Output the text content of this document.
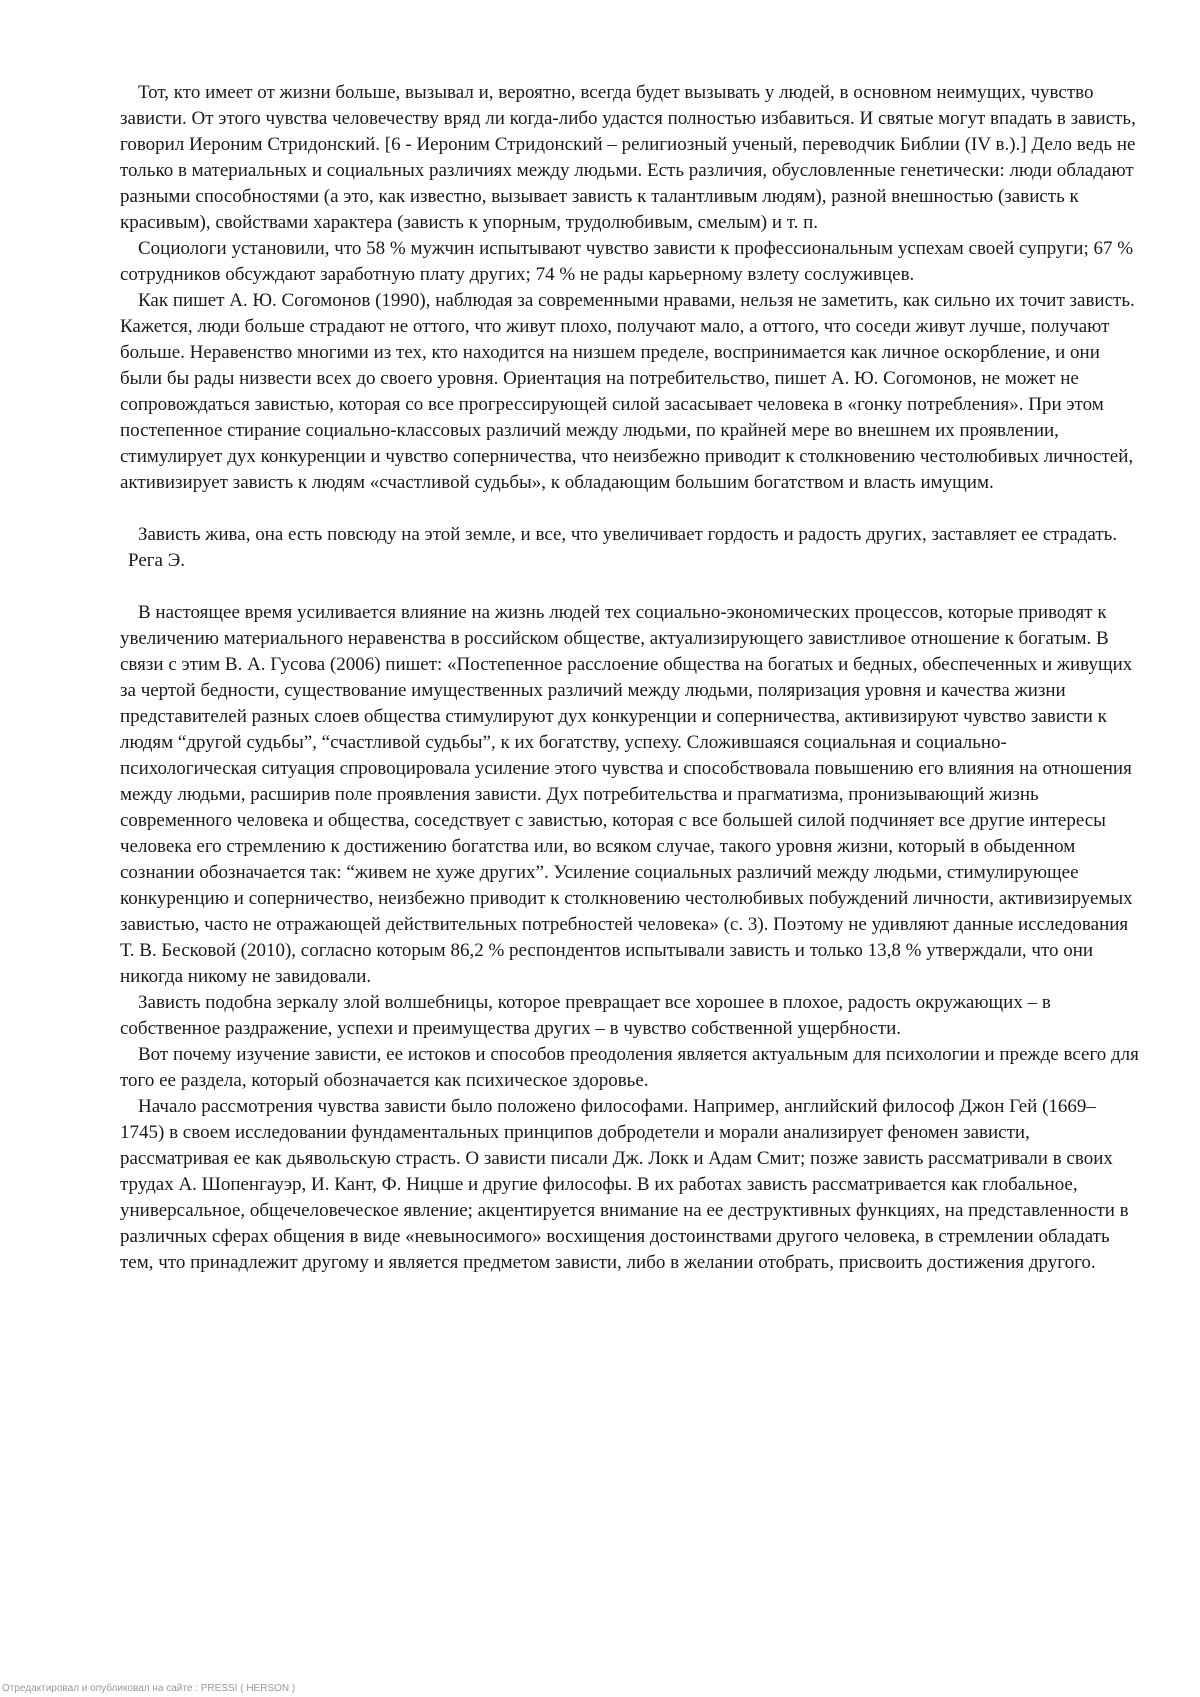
Тот, кто имеет от жизни больше, вызывал и, вероятно, всегда будет вызывать у людей, в основном неимущих, чувство зависти. От этого чувства человечеству вряд ли когда-либо удастся полностью избавиться. И святые могут впадать в зависть, говорил Иероним Стридонский. [6 - Иероним Стридонский – религиозный ученый, переводчик Библии (IV в.).] Дело ведь не только в материальных и социальных различиях между людьми. Есть различия, обусловленные генетически: люди обладают разными способностями (а это, как известно, вызывает зависть к талантливым людям), разной внешностью (зависть к красивым), свойствами характера (зависть к упорным, трудолюбивым, смелым) и т. п.

Социологи установили, что 58 % мужчин испытывают чувство зависти к профессиональным успехам своей супруги; 67 % сотрудников обсуждают заработную плату других; 74 % не рады карьерному взлету сослуживцев.

Как пишет А. Ю. Согомонов (1990), наблюдая за современными нравами, нельзя не заметить, как сильно их точит зависть. Кажется, люди больше страдают не оттого, что живут плохо, получают мало, а оттого, что соседи живут лучше, получают больше. Неравенство многими из тех, кто находится на низшем пределе, воспринимается как личное оскорбление, и они были бы рады низвести всех до своего уровня. Ориентация на потребительство, пишет А. Ю. Согомонов, не может не сопровождаться завистью, которая со все прогрессирующей силой засасывает человека в «гонку потребления». При этом постепенное стирание социально-классовых различий между людьми, по крайней мере во внешнем их проявлении, стимулирует дух конкуренции и чувство соперничества, что неизбежно приводит к столкновению честолюбивых личностей, активизирует зависть к людям «счастливой судьбы», к обладающим большим богатством и власть имущим.

Зависть жива, она есть повсюду на этой земле, и все, что увеличивает гордость и радость других, заставляет ее страдать.

Рега Э.

В настоящее время усиливается влияние на жизнь людей тех социально-экономических процессов, которые приводят к увеличению материального неравенства в российском обществе, актуализирующего завистливое отношение к богатым. В связи с этим В. А. Гусова (2006) пишет: «Постепенное расслоение общества на богатых и бедных, обеспеченных и живущих за чертой бедности, существование имущественных различий между людьми, поляризация уровня и качества жизни представителей разных слоев общества стимулируют дух конкуренции и соперничества, активизируют чувство зависти к людям “другой судьбы”, “счастливой судьбы”, к их богатству, успеху. Сложившаяся социальная и социально-психологическая ситуация спровоцировала усиление этого чувства и способствовала повышению его влияния на отношения между людьми, расширив поле проявления зависти. Дух потребительства и прагматизма, пронизывающий жизнь современного человека и общества, соседствует с завистью, которая с все большей силой подчиняет все другие интересы человека его стремлению к достижению богатства или, во всяком случае, такого уровня жизни, который в обыденном сознании обозначается так: “живем не хуже других”. Усиление социальных различий между людьми, стимулирующее конкуренцию и соперничество, неизбежно приводит к столкновению честолюбивых побуждений личности, активизируемых завистью, часто не отражающей действительных потребностей человека» (с. 3). Поэтому не удивляют данные исследования Т. В. Бесковой (2010), согласно которым 86,2 % респондентов испытывали зависть и только 13,8 % утверждали, что они никогда никому не завидовали.

Зависть подобна зеркалу злой волшебницы, которое превращает все хорошее в плохое, радость окружающих – в собственное раздражение, успехи и преимущества других – в чувство собственной ущербности.

Вот почему изучение зависти, ее истоков и способов преодоления является актуальным для психологии и прежде всего для того ее раздела, который обозначается как психическое здоровье.

Начало рассмотрения чувства зависти было положено философами. Например, английский философ Джон Гей (1669–1745) в своем исследовании фундаментальных принципов добродетели и морали анализирует феномен зависти, рассматривая ее как дьявольскую страсть. О зависти писали Дж. Локк и Адам Смит; позже зависть рассматривали в своих трудах А. Шопенгауэр, И. Кант, Ф. Ницше и другие философы. В их работах зависть рассматривается как глобальное, универсальное, общечеловеческое явление; акцентируется внимание на ее деструктивных функциях, на представленности в различных сферах общения в виде «невыносимого» восхищения достоинствами другого человека, в стремлении обладать тем, что принадлежит другому и является предметом зависти, либо в желании отобрать, присвоить достижения другого.

Отредактировал и опубликовал на сайте : PRESSI ( HERSON )
